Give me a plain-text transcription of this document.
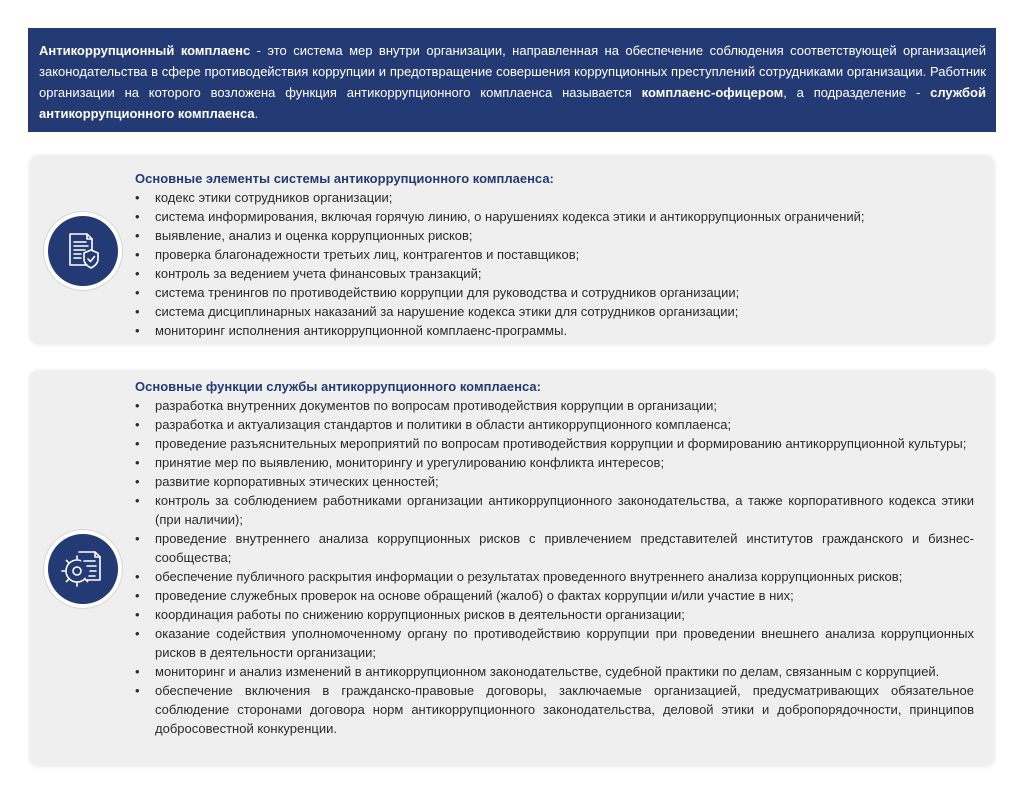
Антикоррупционный комплаенс - это система мер внутри организации, направленная на обеспечение соблюдения соответствующей организацией законодательства в сфере противодействия коррупции и предотвращение совершения коррупционных преступлений сотрудниками организации. Работник организации на которого возложена функция антикоррупционного комплаенса называется комплаенс-офицером, а подразделение - службой антикоррупционного комплаенса.
Основные элементы системы антикоррупционного комплаенса:
• кодекс этики сотрудников организации;
• система информирования, включая горячую линию, о нарушениях кодекса этики и антикоррупционных ограничений;
• выявление, анализ и оценка коррупционных рисков;
• проверка благонадежности третьих лиц, контрагентов и поставщиков;
• контроль за ведением учета финансовых транзакций;
• система тренингов по противодействию коррупции для руководства и сотрудников организации;
• система дисциплинарных наказаний за нарушение кодекса этики для сотрудников организации;
• мониторинг исполнения антикоррупционной комплаенс-программы.
Основные функции службы антикоррупционного комплаенса:
• разработка внутренних документов по вопросам противодействия коррупции в организации;
• разработка и актуализация стандартов и политики в области антикоррупционного комплаенса;
• проведение разъяснительных мероприятий по вопросам противодействия коррупции и формированию антикоррупционной культуры;
• принятие мер по выявлению, мониторингу и урегулированию конфликта интересов;
• развитие корпоративных этических ценностей;
• контроль за соблюдением работниками организации антикоррупционного законодательства, а также корпоративного кодекса этики (при наличии);
• проведение внутреннего анализа коррупционных рисков с привлечением представителей институтов гражданского и бизнес-сообщества;
• обеспечение публичного раскрытия информации о результатах проведенного внутреннего анализа коррупционных рисков;
• проведение служебных проверок на основе обращений (жалоб) о фактах коррупции и/или участие в них;
• координация работы по снижению коррупционных рисков в деятельности организации;
• оказание содействия уполномоченному органу по противодействию коррупции при проведении внешнего анализа коррупционных рисков в деятельности организации;
• мониторинг и анализ изменений в антикоррупционном законодательстве, судебной практики по делам, связанным с коррупцией.
• обеспечение включения в гражданско-правовые договоры, заключаемые организацией, предусматривающих обязательное соблюдение сторонами договора норм антикоррупционного законодательства, деловой этики и добропорядочности, принципов добросовестной конкуренции.
